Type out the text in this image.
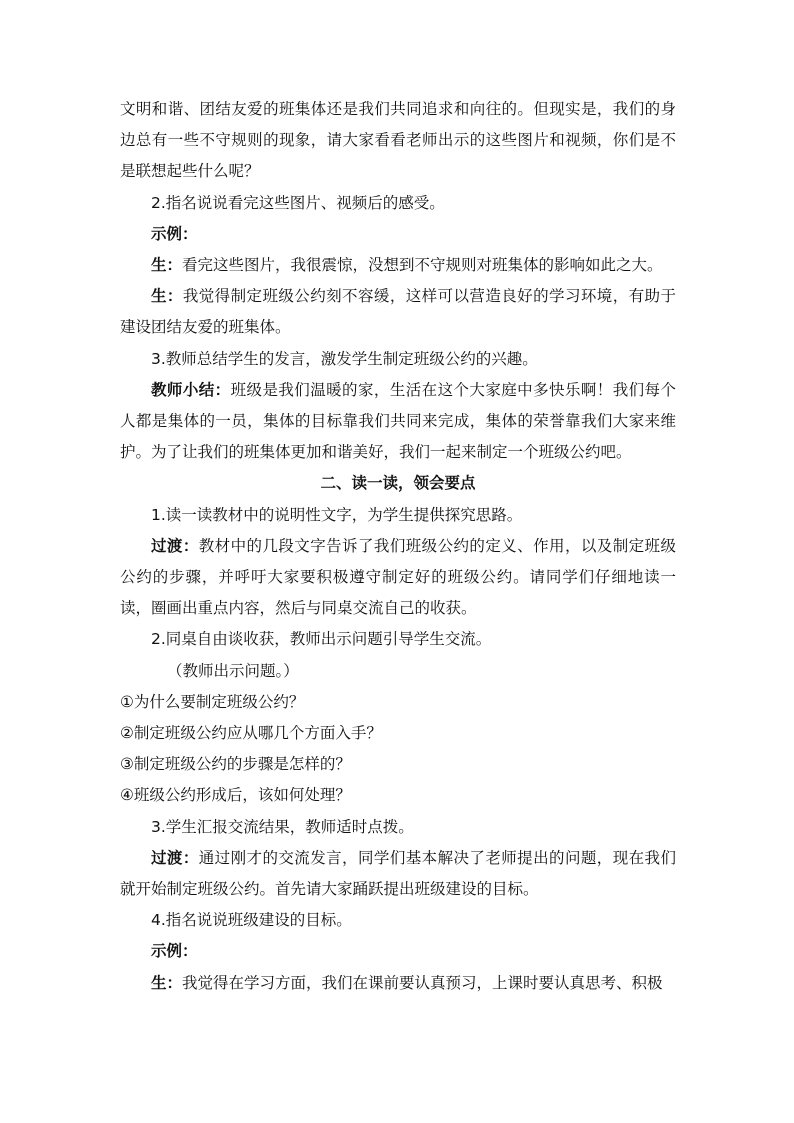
文明和谐、团结友爱的班集体还是我们共同追求和向往的。但现实是，我们的身边总有一些不守规则的现象，请大家看看老师出示的这些图片和视频，你们是不是联想起些什么呢？

2.指名说说看完这些图片、视频后的感受。

示例：

生：看完这些图片，我很震惊，没想到不守规则对班集体的影响如此之大。

生：我觉得制定班级公约刻不容缓，这样可以营造良好的学习环境，有助于建设团结友爱的班集体。

3.教师总结学生的发言，激发学生制定班级公约的兴趣。

教师小结：班级是我们温暖的家，生活在这个大家庭中多快乐啊！我们每个人都是集体的一员，集体的目标靠我们共同来完成，集体的荣誉靠我们大家来维护。为了让我们的班集体更加和谐美好，我们一起来制定一个班级公约吧。

二、读一读，领会要点

1.读一读教材中的说明性文字，为学生提供探究思路。

过渡：教材中的几段文字告诉了我们班级公约的定义、作用，以及制定班级公约的步骤，并呼吁大家要积极遵守制定好的班级公约。请同学们仔细地读一读，圈画出重点内容，然后与同桌交流自己的收获。

2.同桌自由谈收获，教师出示问题引导学生交流。

（教师出示问题。）

①为什么要制定班级公约？

②制定班级公约应从哪几个方面入手？

③制定班级公约的步骤是怎样的？

④班级公约形成后，该如何处理？

3.学生汇报交流结果，教师适时点拨。

过渡：通过刚才的交流发言，同学们基本解决了老师提出的问题，现在我们就开始制定班级公约。首先请大家踊跃提出班级建设的目标。

4.指名说说班级建设的目标。

示例：

生：我觉得在学习方面，我们在课前要认真预习，上课时要认真思考、积极
